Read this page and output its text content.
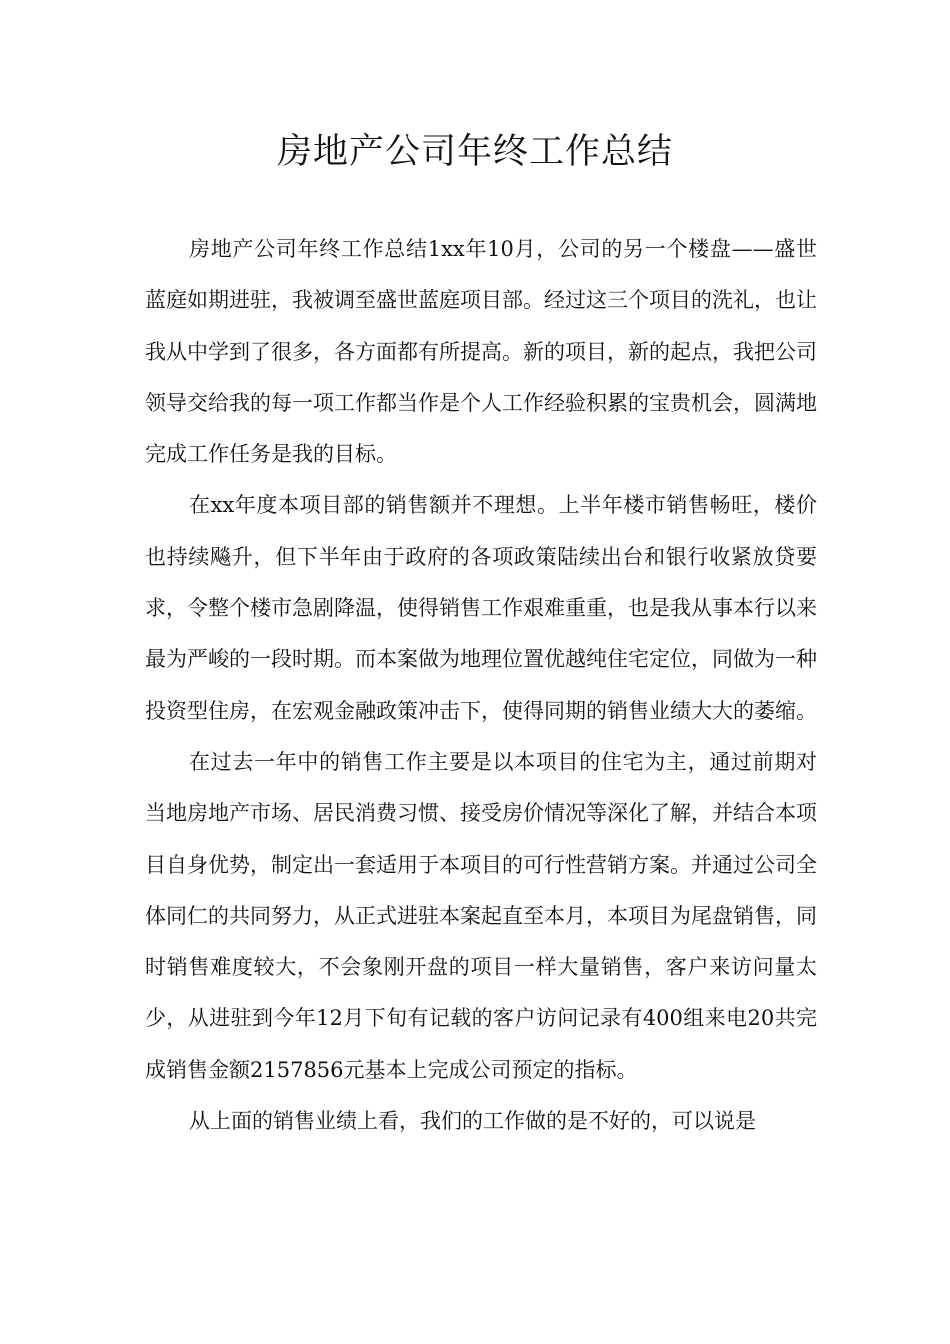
房地产公司年终工作总结

房地产公司年终工作总结1xx年10月，公司的另一个楼盘——盛世蓝庭如期进驻，我被调至盛世蓝庭项目部。经过这三个项目的洗礼，也让我从中学到了很多，各方面都有所提高。新的项目，新的起点，我把公司领导交给我的每一项工作都当作是个人工作经验积累的宝贵机会，圆满地完成工作任务是我的目标。

在xx年度本项目部的销售额并不理想。上半年楼市销售畅旺，楼价也持续飚升，但下半年由于政府的各项政策陆续出台和银行收紧放贷要求，令整个楼市急剧降温，使得销售工作艰难重重，也是我从事本行以来最为严峻的一段时期。而本案做为地理位置优越纯住宅定位，同做为一种投资型住房，在宏观金融政策冲击下，使得同期的销售业绩大大的萎缩。

在过去一年中的销售工作主要是以本项目的住宅为主，通过前期对当地房地产市场、居民消费习惯、接受房价情况等深化了解，并结合本项目自身优势，制定出一套适用于本项目的可行性营销方案。并通过公司全体同仁的共同努力，从正式进驻本案起直至本月，本项目为尾盘销售，同时销售难度较大，不会象刚开盘的项目一样大量销售，客户来访问量太少，从进驻到今年12月下旬有记载的客户访问记录有400组来电20共完成销售金额2157856元基本上完成公司预定的指标。

从上面的销售业绩上看，我们的工作做的是不好的，可以说是
